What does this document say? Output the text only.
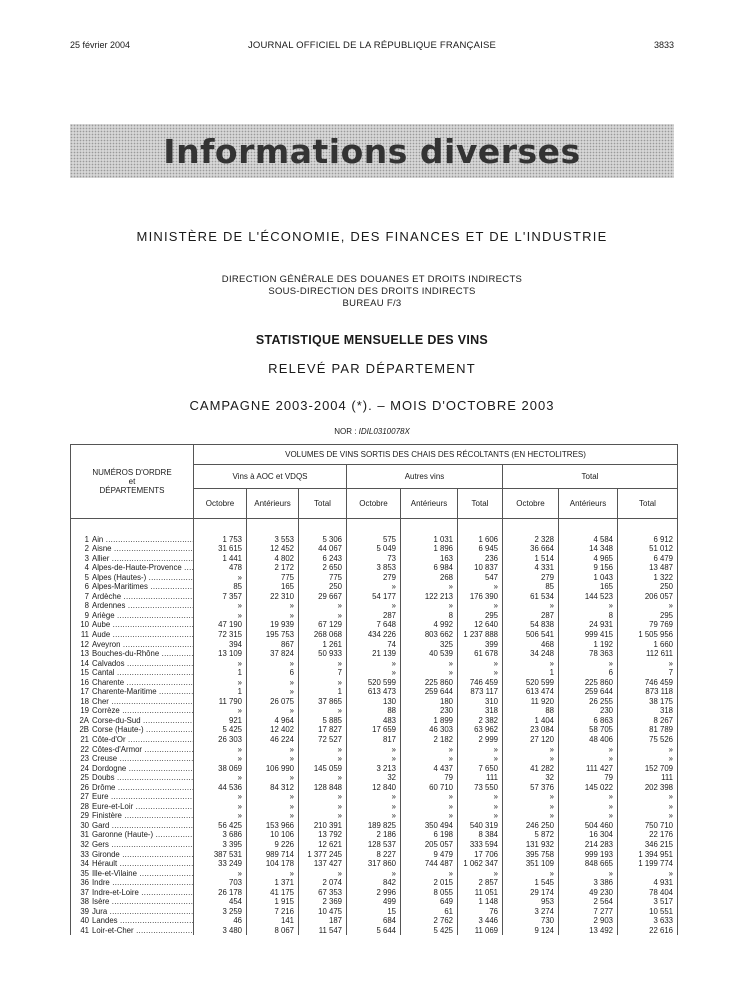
25 février 2004	JOURNAL OFFICIEL DE LA RÉPUBLIQUE FRANÇAISE	3833
Informations diverses
MINISTÈRE DE L'ÉCONOMIE, DES FINANCES ET DE L'INDUSTRIE
DIRECTION GÉNÉRALE DES DOUANES ET DROITS INDIRECTS
SOUS-DIRECTION DES DROITS INDIRECTS
BUREAU F/3
STATISTIQUE MENSUELLE DES VINS
RELEVÉ PAR DÉPARTEMENT
CAMPAGNE 2003-2004 (*). – MOIS D'OCTOBRE 2003
NOR : IDIL0310078X
NUMÉROS D'ORDRE
et
DÉPARTEMENTS	VOLUMES DE VINS SORTIS DES CHAIS DES RÉCOLTANTS (EN HECTOLITRES)								
	Vins à AOC et VDQS			Autres vins			Total		
	Octobre	Antérieurs	Total	Octobre	Antérieurs	Total	Octobre	Antérieurs	Total

1 Ain .....	1 753	3 553	5 306	575	1 031	1 606	2 328	4 584	6 912
2 Aisne .....	31 615	12 452	44 067	5 049	1 896	6 945	36 664	14 348	51 012
3 Allier .....	1 441	4 802	6 243	73	163	236	1 514	4 965	6 479
4 Alpes-de-Haute-Provence .....	478	2 172	2 650	3 853	6 984	10 837	4 331	9 156	13 487
5 Alpes (Hautes-) .....	»	775	775	279	268	547	279	1 043	1 322
6 Alpes-Maritimes .....	85	165	250	»	»	»	85	165	250
7 Ardèche .....	7 357	22 310	29 667	54 177	122 213	176 390	61 534	144 523	206 057
8 Ardennes .....	»	»	»	»	»	»	»	»	»
9 Ariège .....	»	»	»	287	8	295	287	8	295
10 Aube .....	47 190	19 939	67 129	7 648	4 992	12 640	54 838	24 931	79 769
11 Aude .....	72 315	195 753	268 068	434 226	803 662	1 237 888	506 541	999 415	1 505 956
12 Aveyron .....	394	867	1 261	74	325	399	468	1 192	1 660
13 Bouches-du-Rhône .....	13 109	37 824	50 933	21 139	40 539	61 678	34 248	78 363	112 611
14 Calvados .....	»	»	»	»	»	»	»	»	»
15 Cantal .....	1	6	7	»	»	»	1	6	7
16 Charente .....	»	»	»	520 599	225 860	746 459	520 599	225 860	746 459
17 Charente-Maritime .....	1	»	1	613 473	259 644	873 117	613 474	259 644	873 118
18 Cher .....	11 790	26 075	37 865	130	180	310	11 920	26 255	38 175
19 Corrèze .....	»	»	»	88	230	318	88	230	318
2A Corse-du-Sud .....	921	4 964	5 885	483	1 899	2 382	1 404	6 863	8 267
2B Corse (Haute-) .....	5 425	12 402	17 827	17 659	46 303	63 962	23 084	58 705	81 789
21 Côte-d'Or .....	26 303	46 224	72 527	817	2 182	2 999	27 120	48 406	75 526
22 Côtes-d'Armor .....	»	»	»	»	»	»	»	»	»
23 Creuse .....	»	»	»	»	»	»	»	»	»
24 Dordogne .....	38 069	106 990	145 059	3 213	4 437	7 650	41 282	111 427	152 709
25 Doubs .....	»	»	»	32	79	111	32	79	111
26 Drôme .....	44 536	84 312	128 848	12 840	60 710	73 550	57 376	145 022	202 398
27 Eure .....	»	»	»	»	»	»	»	»	»
28 Eure-et-Loir .....	»	»	»	»	»	»	»	»	»
29 Finistère .....	»	»	»	»	»	»	»	»	»
30 Gard .....	56 425	153 966	210 391	189 825	350 494	540 319	246 250	504 460	750 710
31 Garonne (Haute-) .....	3 686	10 106	13 792	2 186	6 198	8 384	5 872	16 304	22 176
32 Gers .....	3 395	9 226	12 621	128 537	205 057	333 594	131 932	214 283	346 215
33 Gironde .....	387 531	989 714	1 377 245	8 227	9 479	17 706	395 758	999 193	1 394 951
34 Hérault .....	33 249	104 178	137 427	317 860	744 487	1 062 347	351 109	848 665	1 199 774
35 Ille-et-Vilaine .....	»	»	»	»	»	»	»	»	»
36 Indre .....	703	1 371	2 074	842	2 015	2 857	1 545	3 386	4 931
37 Indre-et-Loire .....	26 178	41 175	67 353	2 996	8 055	11 051	29 174	49 230	78 404
38 Isère .....	454	1 915	2 369	499	649	1 148	953	2 564	3 517
39 Jura .....	3 259	7 216	10 475	15	61	76	3 274	7 277	10 551
40 Landes .....	46	141	187	684	2 762	3 446	730	2 903	3 633
41 Loir-et-Cher .....	3 480	8 067	11 547	5 644	5 425	11 069	9 124	13 492	22 616
